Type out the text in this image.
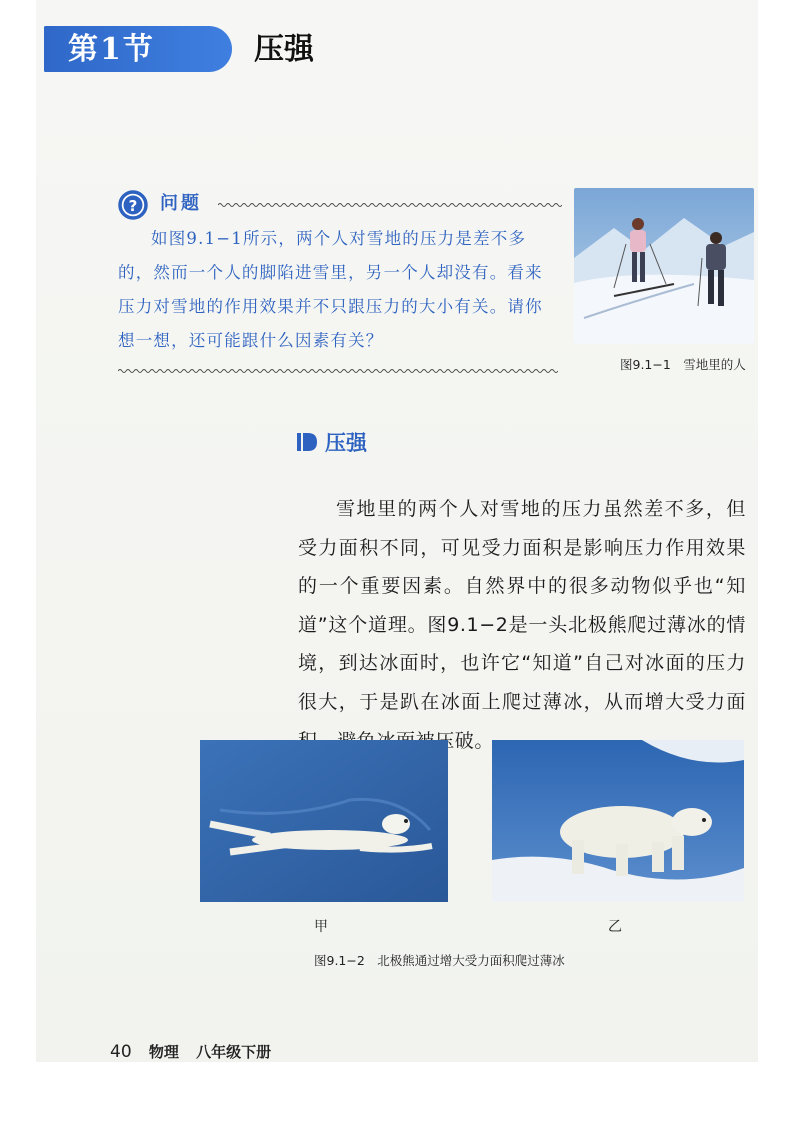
第1节	压强
? 问题

如图9.1−1所示，两个人对雪地的压力是差不多的，然而一个人的脚陷进雪里，另一个人却没有。看来压力对雪地的作用效果并不只跟压力的大小有关。请你想一想，还可能跟什么因素有关？

图9.1−1　雪地里的人
压强

雪地里的两个人对雪地的压力虽然差不多，但受力面积不同，可见受力面积是影响压力作用效果的一个重要因素。自然界中的很多动物似乎也“知道”这个道理。图9.1−2是一头北极熊爬过薄冰的情境，到达冰面时，也许它“知道”自己对冰面的压力很大，于是趴在冰面上爬过薄冰，从而增大受力面 压破。

甲	乙
图9.1−2　北极熊通过增大受力面积爬过薄冰
40 物理 八年级下册
